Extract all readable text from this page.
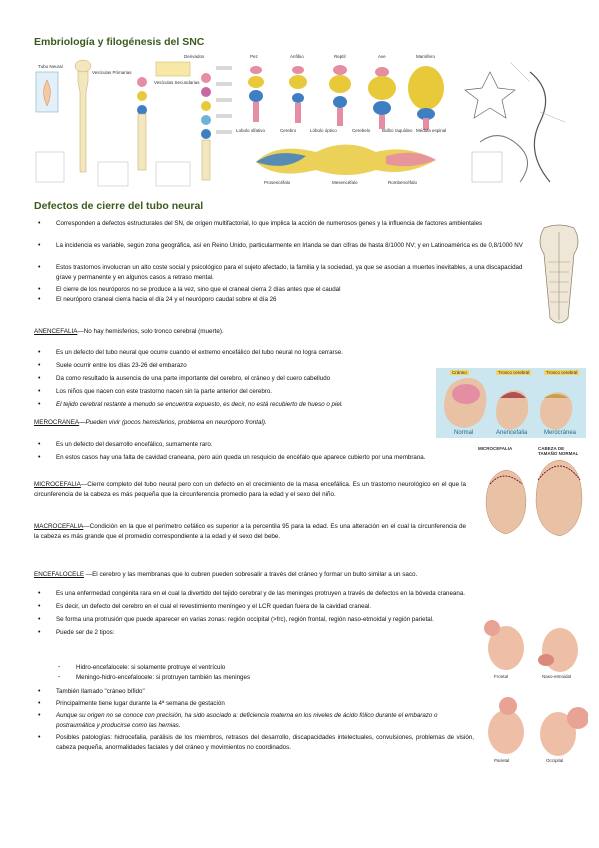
Embriología y filogénesis del SNC
Tubo Neural
Vesículas Primarias
Vesículas Secundarias
Derivados	Pez	Anfibio	Reptil	Ave	Mamífero
Lobulo olfativo	Cerebro	Lóbulo óptico	Cerebelo	Bulbo raquídeo Médula espinal
Prosencéfalo	Mesencéfalo	Rombencéfalo
Defectos de cierre del tubo neural
• Corresponden a defectos estructurales del SN, de origen multifactorial, lo que implica la acción de numerosos genes y la influencia de factores ambientales
• La incidencia es variable, según zona geográfica, así en Reino Unido, particularmente en Irlanda se dan cifras de hasta 8/1000 NV; y en Latinoamérica es de 0,8/1000 NV
• Estos trastornos involucran un alto coste social y psicológico para el sujeto afectado, la familia y la sociedad, ya que se asocian a muertes inevitables, a una discapacidad grave y permanente y en algunos casos a retraso mental.
• El cierre de los neuróporos no se produce a la vez, sino que el craneal cierra 2 días antes que el caudal
• El neuróporo craneal cierra hacia el día 24 y el neuróporo caudal sobre el día 26
ANENCEFALIA—No hay hemisferios, solo tronco cerebral (muerte).
• Es un defecto del tubo neural que ocurre cuando el extremo encefálico del tubo neural no logra cerrarse.
• Suele ocurrir entre los días 23-26 del embarazo
• Da como resultado la ausencia de una parte importante del cerebro, el cráneo y del cuero cabelludo
• Los niños que nacen con este trastorno nacen sin la parte anterior del cerebro.
• El tejido cerebral restante a menudo se encuentra expuesto, es decir, no está recubierto de hueso o piel.
Normal	Anencefalia	Merocránea
Cráneo	Tronco cerebral	Tronco cerebral
MEROCRANEA—Pueden vivir (pocos hemisferios, problema en neuróporo frontal).
• Es un defecto del desarrollo encefálico, sumamente raro.
• En estos casos hay una falta de cavidad craneana, pero aún queda un resquicio de encéfalo que aparece cubierto por una membrana.
MICROCEFALIA	CABEZA DE TAMAÑO NORMAL
MICROCEFALIA—Cierre completo del tubo neural pero con un defecto en el crecimiento de la masa encefálica. Es un trastorno neurológico en el que la circunferencia de la cabeza es más pequeña que la circunferencia promedio para la edad y el sexo del niño.
MACROCEFALIA—Condición en la que el perímetro cefálico es superior a la percentila 95 para la edad. Es una alteración en el cual la circunferencia de la cabeza es más grande que el promedio correspondiente a la edad y el sexo del bebe.
ENCEFALOCELE —El cerebro y las membranas que lo cubren pueden sobresalir a través del cráneo y formar un bulto similar a un saco.
• Es una enfermedad congénita rara en el cual la divertido del tejido cerebral y de las meninges protruyen a través de defectos en la bóveda craneana.
• Es decir, un defecto del cerebro en el cual el revestimiento meníngeo y el LCR quedan fuera de la cavidad craneal.
• Se forma una protrusión que puede aparecer en varias zonas: región occipital (>frc), región frontal, región naso-etmoidal y región parietal.
• Puede ser de 2 tipos:
- Hidro-encefalocele: si solamente protruye el ventrículo
- Meningo-hidro-encefalocele: si protruyen también las meninges
• También llamado "cráneo bífido"
• Principalmente tiene lugar durante la 4ª semana de gestación
• Aunque su origen no se conoce con precisión, ha sido asociado a: deficiencia materna en los niveles de ácido fólico durante el embarazo o postraumática y producirse como las hernias.
• Posibles patologías: hidrocefalia, parálisis de los miembros, retrasos del desarrollo, discapacidades intelectuales, convulsiones, problemas de visión, cabeza pequeña, anormalidades faciales y del cráneo y movimientos no coordinados.
Frontal	Naso-etmoidal
Parietal	Occipital
